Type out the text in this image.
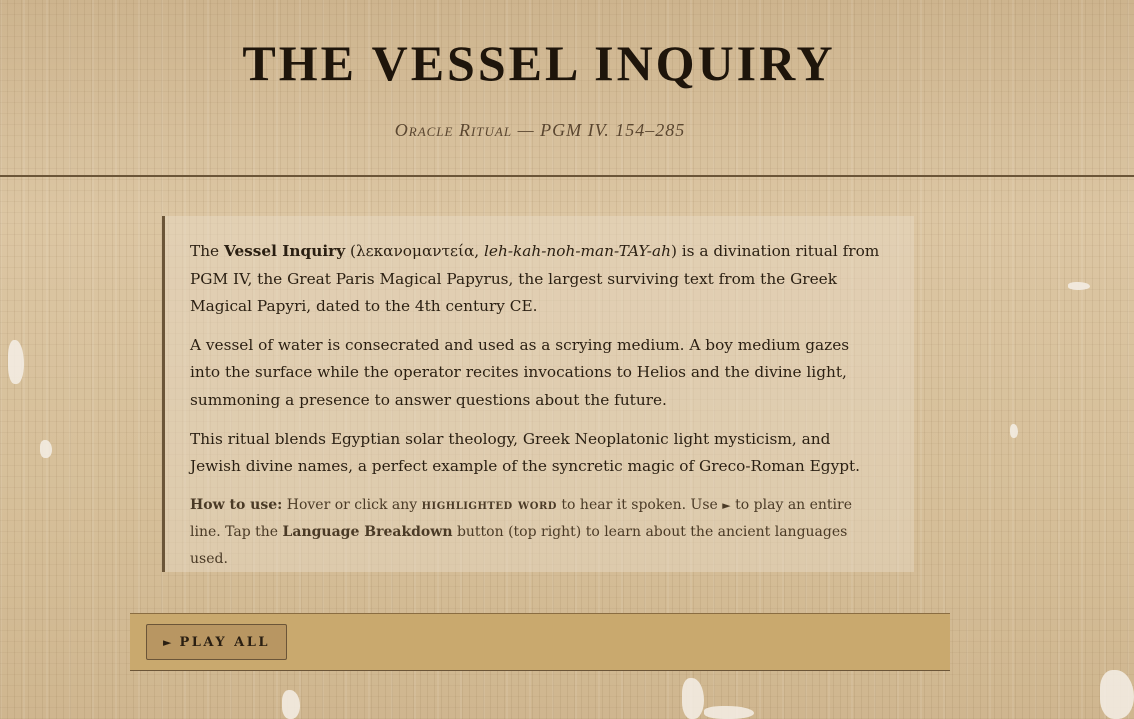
THE VESSEL INQUIRY

Oracle Ritual — PGM IV. 154–285

The Vessel Inquiry (λεκανομαντεία, leh-kah-noh-man-TAY-ah) is a divination ritual from PGM IV, the Great Paris Magical Papyrus, the largest surviving text from the Greek Magical Papyri, dated to the 4th century CE.

A vessel of water is consecrated and used as a scrying medium. A boy medium gazes into the surface while the operator recites invocations to Helios and the divine light, summoning a presence to answer questions about the future.

This ritual blends Egyptian solar theology, Greek Neoplatonic light mysticism, and Jewish divine names, a perfect example of the syncretic magic of Greco-Roman Egypt.

How to use: Hover or click any highlighted word to hear it spoken. Use ► to play an entire line. Tap the Language Breakdown button (top right) to learn about the ancient languages used.

► PLAY ALL
